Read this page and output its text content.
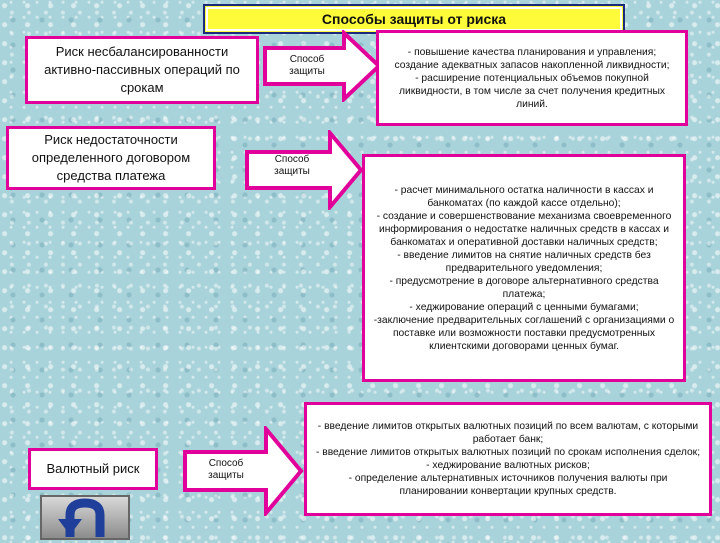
Способы защиты от риска
Риск несбалансированности активно-пассивных операций по срокам
Риск недостаточности определенного договором средства платежа
Валютный риск
Способ защиты
Способ защиты
Способ защиты
- повышение качества планирования и управления;
создание адекватных запасов накопленной ликвидности;
- расширение потенциальных объемов покупной ликвидности, в том числе за счет получения кредитных линий.
- расчет минимального остатка наличности в кассах и банкоматах (по каждой кассе отдельно);
- создание и совершенствование механизма своевременного информирования о недостатке наличных средств в кассах и банкоматах и оперативной доставки наличных средств;
- введение лимитов на снятие наличных средств без предварительного уведомления;
- предусмотрение в договоре альтернативного средства платежа;
- хеджирование операций с ценными бумагами;
-заключение предварительных соглашений с организациями о поставке или возможности поставки предусмотренных клиентскими договорами ценных бумаг.
- введение лимитов открытых валютных позиций по всем валютам, с которыми работает банк;
- введение лимитов открытых валютных позиций по срокам исполнения сделок;
- хеджирование валютных рисков;
- определение альтернативных источников получения валюты при планировании конвертации крупных средств.
